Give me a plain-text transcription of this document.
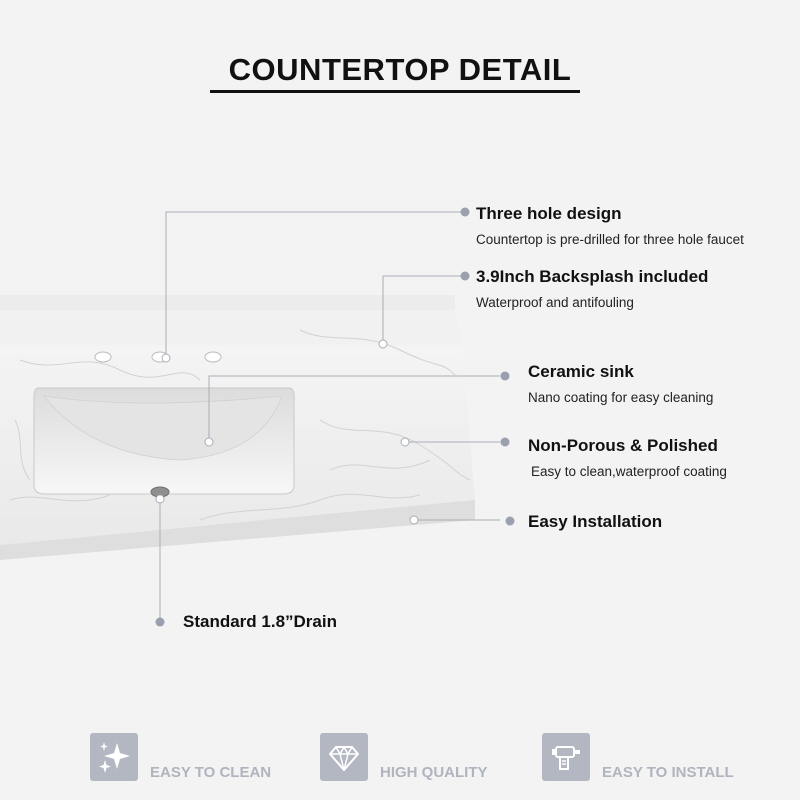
COUNTERTOP DETAIL
Three hole design
Countertop is pre-drilled for three hole faucet
3.9Inch Backsplash included
Waterproof and antifouling
Ceramic sink
Nano coating for easy cleaning
Non-Porous & Polished
Easy to clean,waterproof coating
Easy Installation
Standard 1.8”Drain
EASY TO CLEAN	HIGH QUALITY	EASY TO INSTALL
